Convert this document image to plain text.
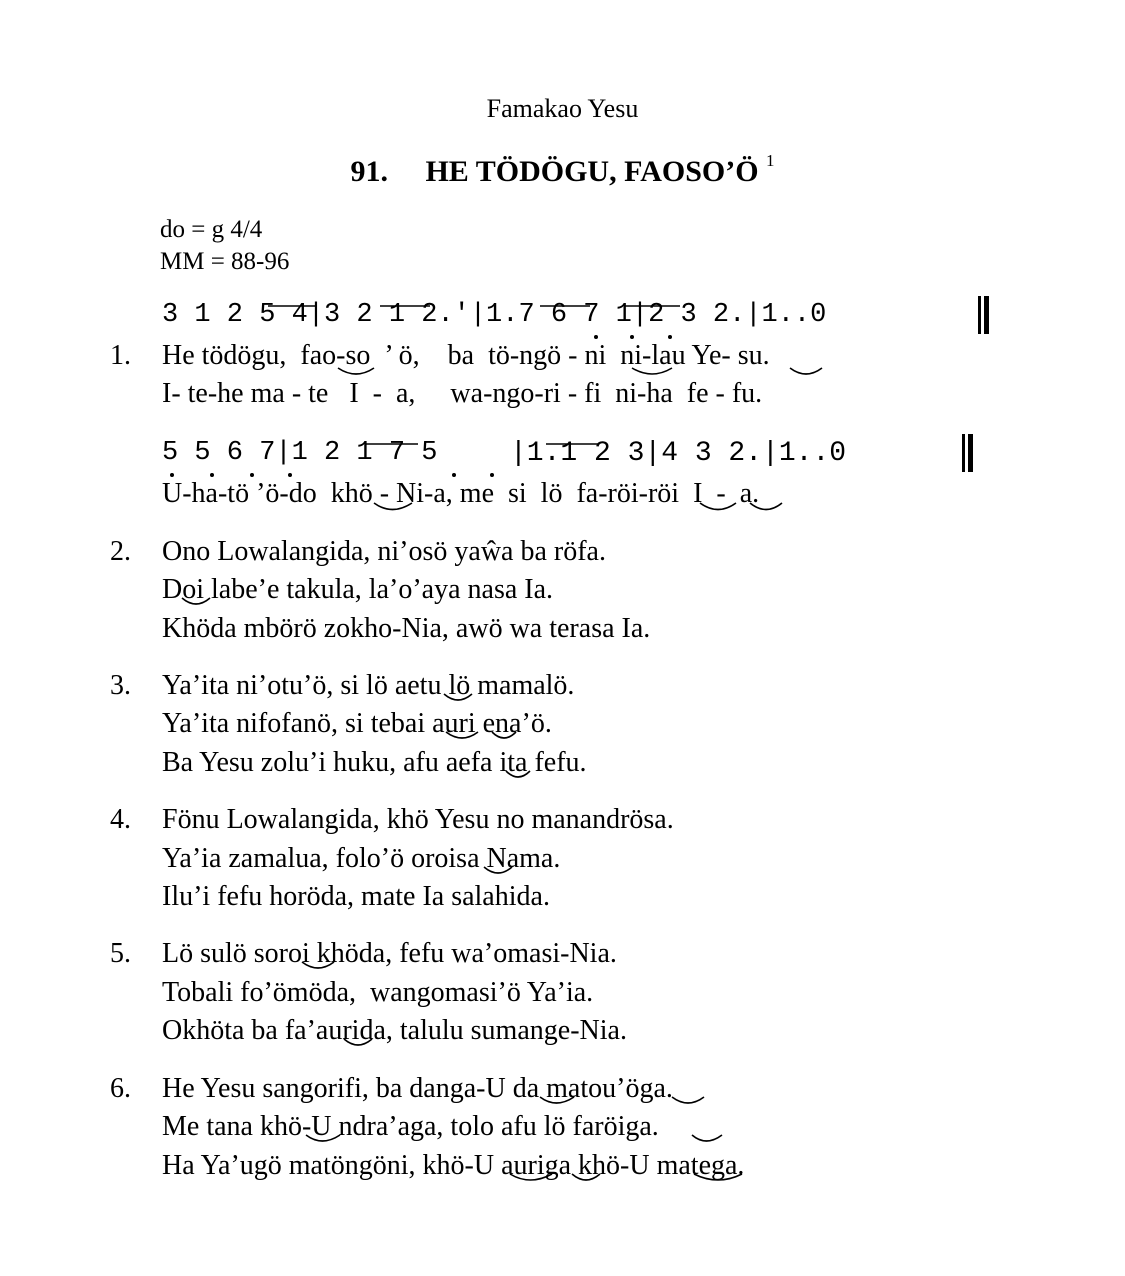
Famakao Yesu
91. HE TÖDÖGU, FAOSO’Ö $^1$
do = g 4/4
MM = 88-96
3 1 2 5 4|3 2 1 2.'|1.7 6 7 1|2 3 2.|1..0
1. He tödögu,  fao-so  ’ ö,    ba  tö-ngö - ni  ni-lau Ye- su.
I- te-he ma - te   I  -  a,     wa-ngo-ri - fi  ni-ha  fe - fu.
5 5 6 7|1 2 1 7 5	|1.1 2 3|4 3 2.|1..0
U-ha-tö ’ö-do  khö - Ni-a, me  si  lö  fa-röi-röi  I  -  a.
2. Ono Lowalangida, ni’osö yaŵa ba röfa.
Doi labe’e takula, la’o’aya nasa Ia.
Khöda mbörö zokho-Nia, awö wa terasa Ia.
3. Ya’ita ni’otu’ö, si lö aetu lö mamalö.
Ya’ita nifofanö, si tebai auri ena’ö.
Ba Yesu zolu’i huku, afu aefa ita fefu.
4. Fönu Lowalangida, khö Yesu no manandrösa.
Ya’ia zamalua, folo’ö oroisa Nama.
Ilu’i fefu horöda, mate Ia salahida.
5. Lö sulö soroi khöda, fefu wa’omasi-Nia.
Tobali fo’ömöda,  wangomasi’ö Ya’ia.
Okhöta ba fa’aurida, talulu sumange-Nia.
6. He Yesu sangorifi, ba danga-U da matou’öga.
Me tana khö-U ndra’aga, tolo afu lö faröiga.
Ha Ya’ugö matöngöni, khö-U auriga khö-U matega.
